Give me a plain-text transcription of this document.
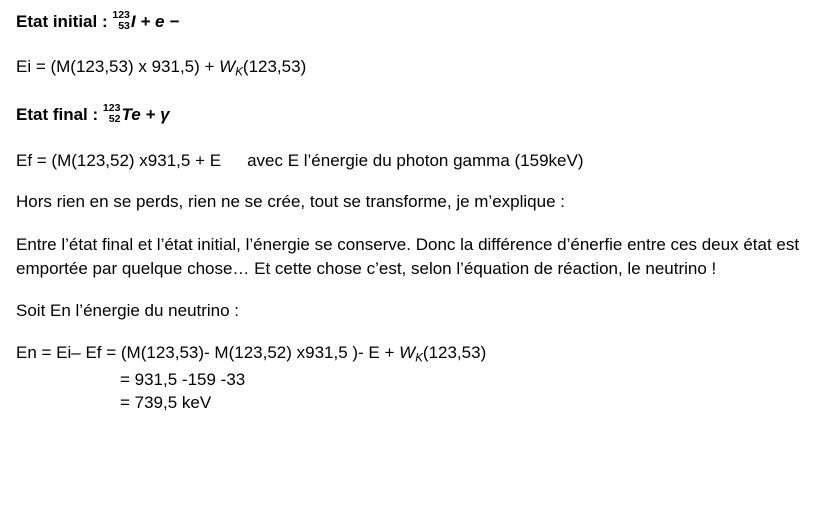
Etat initial : 123
53 I + e −
Ei = (M(123,53) x $931,5) + W_K(123,53)$
Etat final : 123
52 Te + γ
Ef = (M(123,52) x931,5 + E avec E l’énergie du photon gamma (159keV)
Hors rien en se perds, rien ne se crée, tout se transforme, je m’explique :
Entre l’état final et l’état initial, l’énergie se conserve. Donc la différence d’énerfie entre ces deux état est emportée par quelque chose… Et cette chose c’est, selon l’équation de réaction, le neutrino !
Soit En l’énergie du neutrino :
En = Ei– Ef = (M(123,53)- M(123,52) x931,5 )- $E + W_K(123,53)$
= 931,5 -159 -33
= 739,5 keV
